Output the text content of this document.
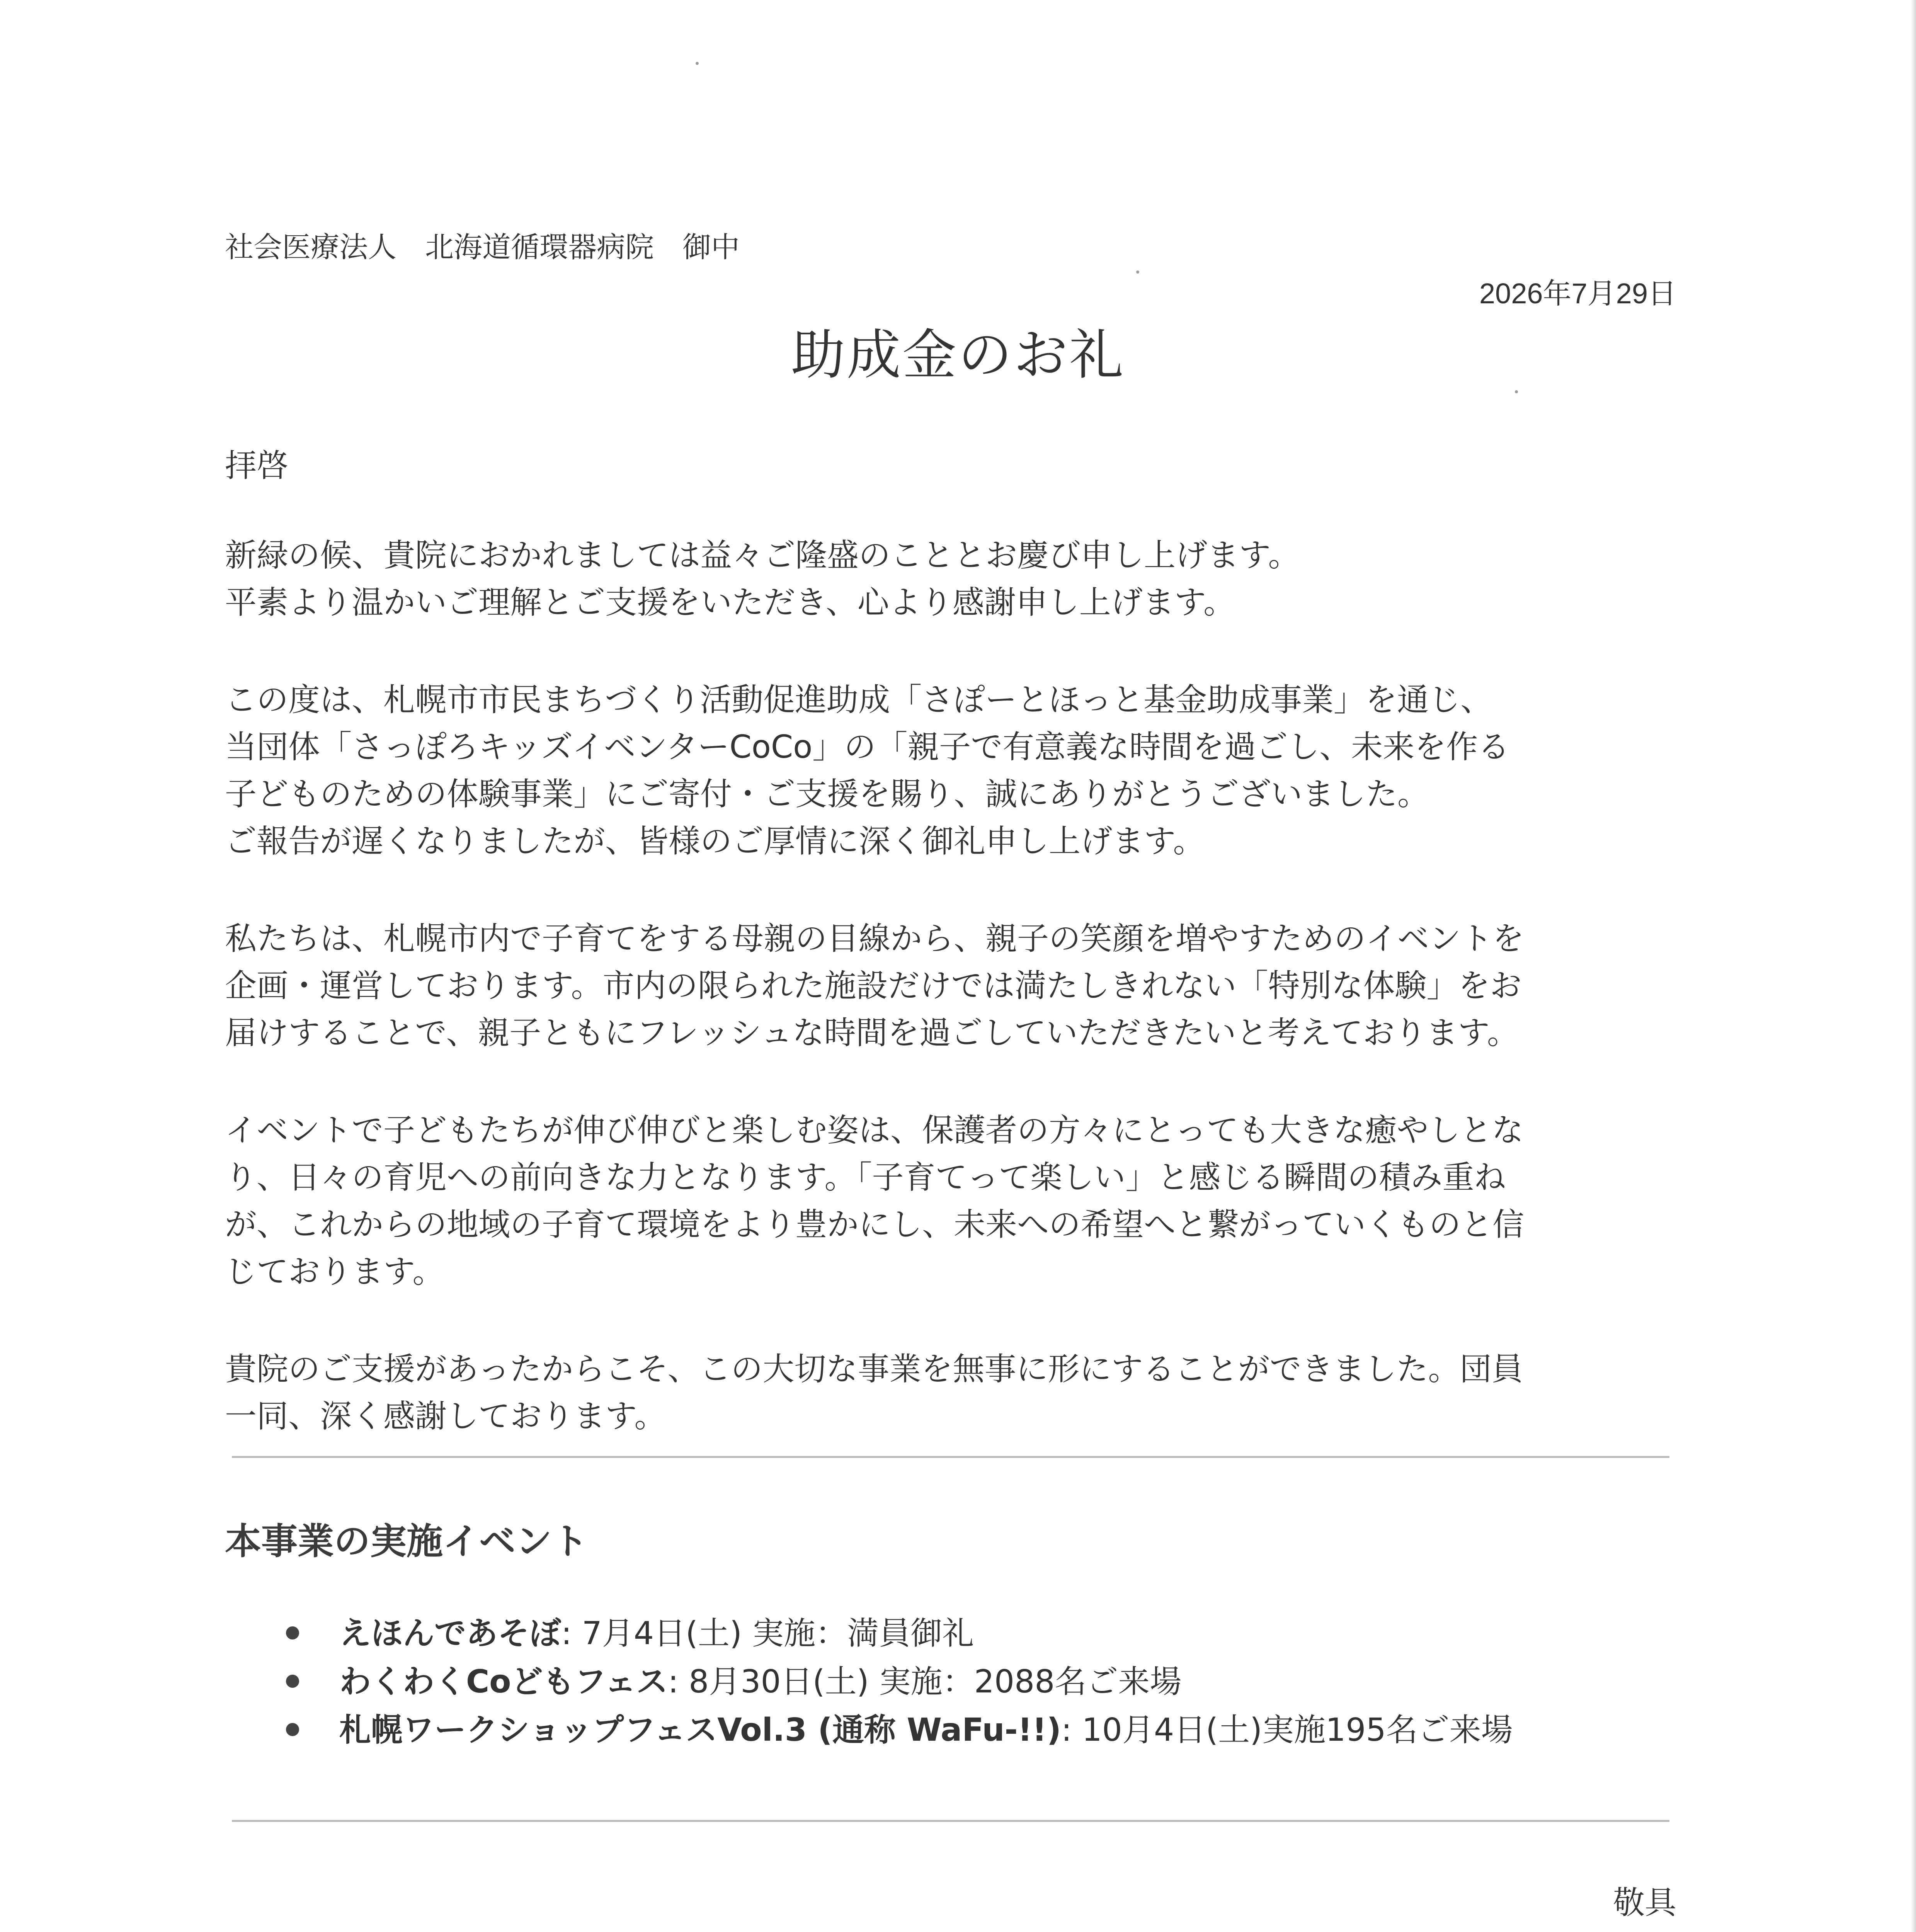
社会医療法人　北海道循環器病院　御中
2026年7月29日
助成金のお礼

拝啓

新緑の候、貴院におかれましては益々ご隆盛のこととお慶び申し上げます。
平素より温かいご理解とご支援をいただき、心より感謝申し上げます。

この度は、札幌市市民まちづくり活動促進助成「さぽーとほっと基金助成事業」を通じ、
当団体「さっぽろキッズイベンターCoCo」の「親子で有意義な時間を過ごし、未来を作る
子どものための体験事業」にご寄付・ご支援を賜り、誠にありがとうございました。
ご報告が遅くなりましたが、皆様のご厚情に深く御礼申し上げます。

私たちは、札幌市内で子育てをする母親の目線から、親子の笑顔を増やすためのイベントを
企画・運営しております。市内の限られた施設だけでは満たしきれない「特別な体験」をお
届けすることで、親子ともにフレッシュな時間を過ごしていただきたいと考えております。

イベントで子どもたちが伸び伸びと楽しむ姿は、保護者の方々にとっても大きな癒やしとな
り、日々の育児への前向きな力となります。「子育てって楽しい」と感じる瞬間の積み重ね
が、これからの地域の子育て環境をより豊かにし、未来への希望へと繋がっていくものと信
じております。

貴院のご支援があったからこそ、この大切な事業を無事に形にすることができました。団員
一同、深く感謝しております。

本事業の実施イベント
えほんであそぼ: 7月4日(土) 実施：満員御礼
わくわくCoどもフェス: 8月30日(土) 実施：2088名ご来場
札幌ワークショップフェスVol.3 (通称 WaFu-!!): 10月4日(土)実施195名ご来場
敬具
